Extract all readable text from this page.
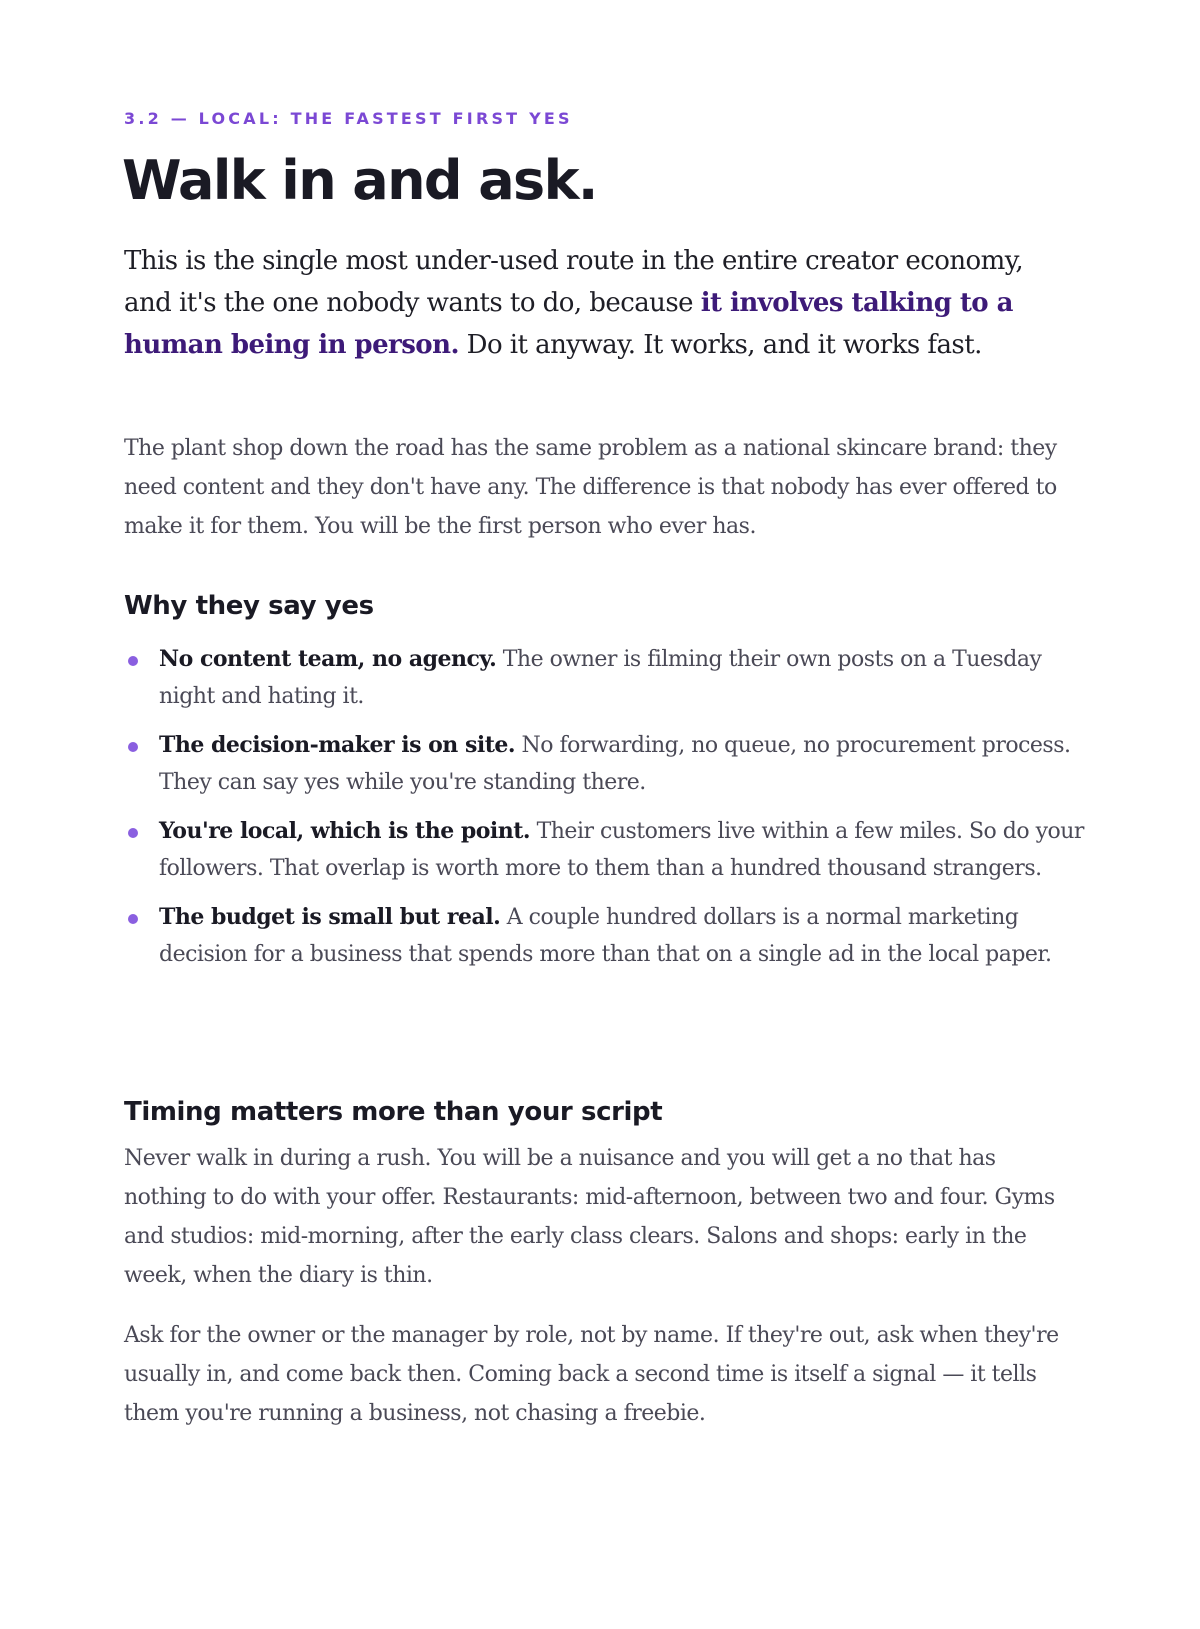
3.2 — LOCAL: THE FASTEST FIRST YES
Walk in and ask.

This is the single most under-used route in the entire creator economy, and it's the one nobody wants to do, because it involves talking to a human being in person. Do it anyway. It works, and it works fast.

The plant shop down the road has the same problem as a national skincare brand: they need content and they don't have any. The difference is that nobody has ever offered to make it for them. You will be the first person who ever has.

Why they say yes
No content team, no agency. The owner is filming their own posts on a Tuesday night and hating it.
The decision-maker is on site. No forwarding, no queue, no procurement process. They can say yes while you're standing there.
You're local, which is the point. Their customers live within a few miles. So do your followers. That overlap is worth more to them than a hundred thousand strangers.
The budget is small but real. A couple hundred dollars is a normal marketing decision for a business that spends more than that on a single ad in the local paper.
Timing matters more than your script

Never walk in during a rush. You will be a nuisance and you will get a no that has nothing to do with your offer. Restaurants: mid-afternoon, between two and four. Gyms and studios: mid-morning, after the early class clears. Salons and shops: early in the week, when the diary is thin.

Ask for the owner or the manager by role, not by name. If they're out, ask when they're usually in, and come back then. Coming back a second time is itself a signal — it tells them you're running a business, not chasing a freebie.
